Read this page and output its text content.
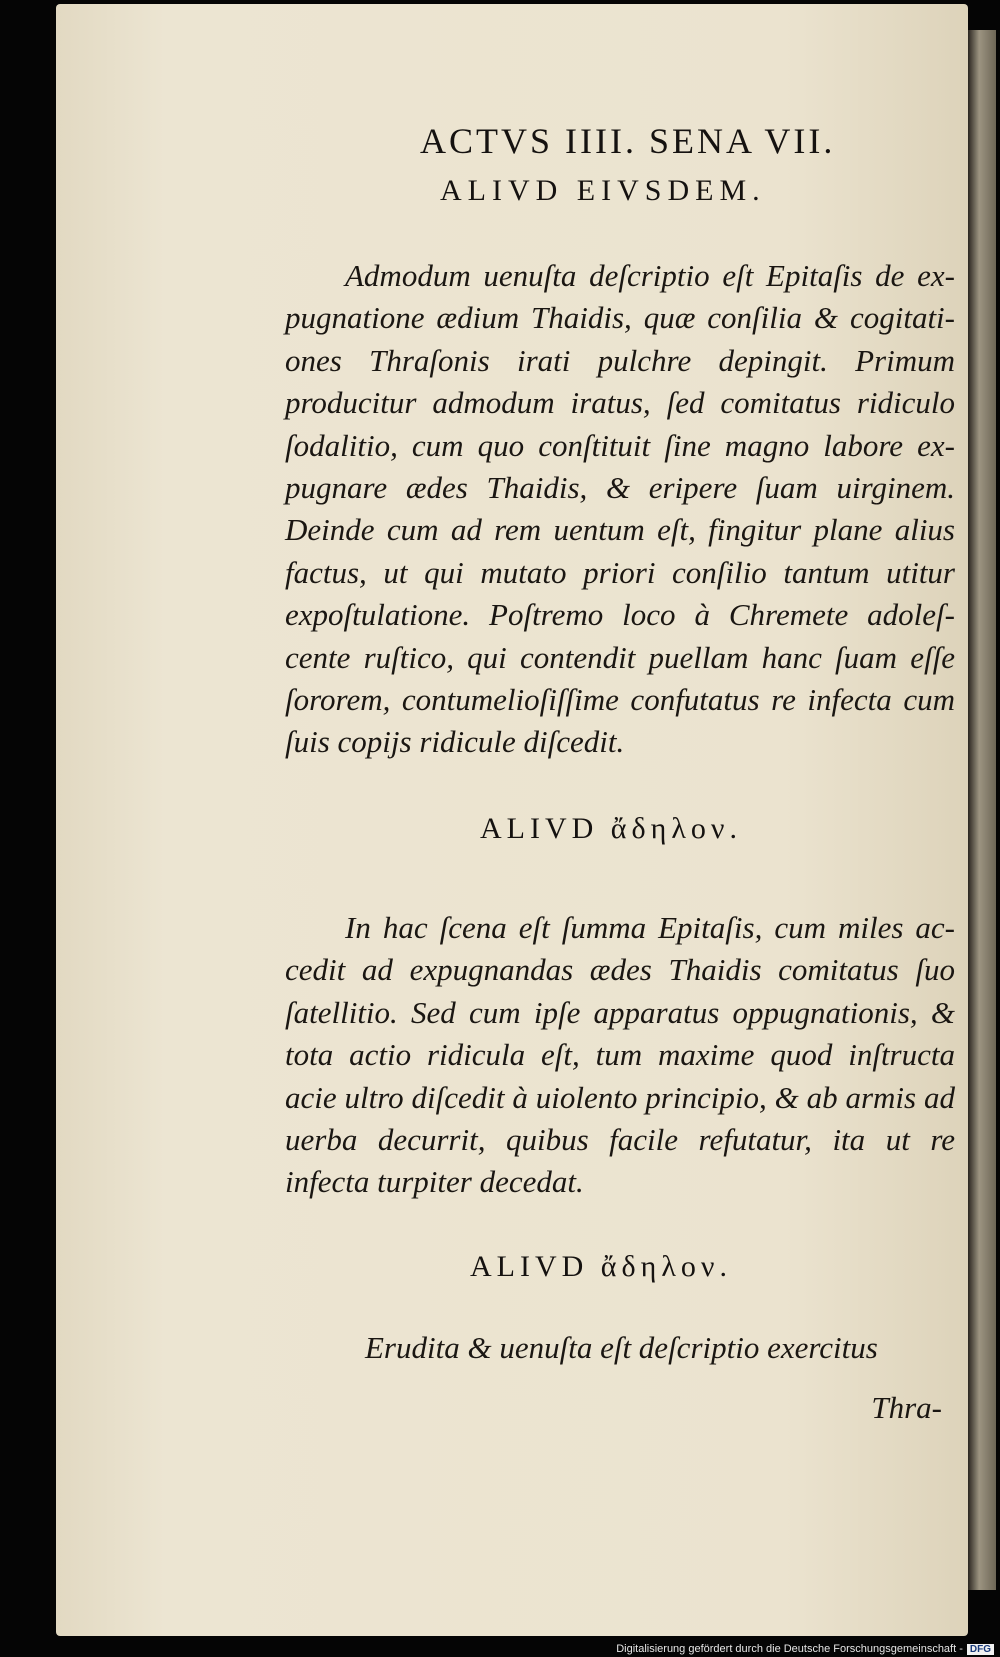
ACTVS IIII. SENA VII.
ALIVD EIVSDEM.

Admodum uenuſta deſcriptio eſt Epitaſis de ex- pugnatione ædium Thaidis, quæ conſilia & cogitati- ones Thraſonis irati pulchre depingit. Primum producitur admodum iratus, ſed comitatus ridiculo ſodalitio, cum quo conſtituit ſine magno labore ex- pugnare ædes Thaidis, & eripere ſuam uirginem. Deinde cum ad rem uentum eſt, fingitur plane alius factus, ut qui mutato priori conſilio tantum utitur expoſtulatione. Poſtremo loco à Chremete adoleſ- cente ruſtico, qui contendit puellam hanc ſuam eſſe ſororem, contumelioſiſſime confutatus re infecta cum ſuis copijs ridicule diſcedit.

ALIVD ἄδηλον.

In hac ſcena eſt ſumma Epitaſis, cum miles ac- cedit ad expugnandas ædes Thaidis comitatus ſuo ſatellitio. Sed cum ipſe apparatus oppugnationis, & tota actio ridicula eſt, tum maxime quod inſtructa acie ultro diſcedit à uiolento principio, & ab armis ad uerba decurrit, quibus facile refutatur, ita ut re infecta turpiter decedat.

ALIVD ἄδηλον.

Erudita & uenuſta eſt deſcriptio exercitus

Thra-
Digitalisierung gefördert durch die Deutsche Forschungsgemeinschaft - DFG
